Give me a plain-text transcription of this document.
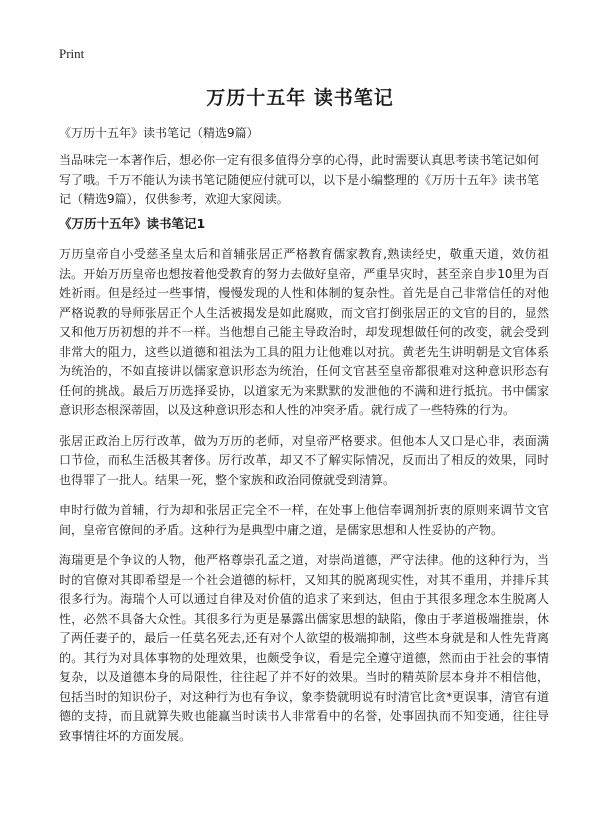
Print
万历十五年 读书笔记
《万历十五年》读书笔记（精选9篇）
当品味完一本著作后，想必你一定有很多值得分享的心得，此时需要认真思考读书笔记如何写了哦。千万不能认为读书笔记随便应付就可以，以下是小编整理的《万历十五年》读书笔记（精选9篇），仅供参考，欢迎大家阅读。
《万历十五年》读书笔记1

万历皇帝自小受慈圣皇太后和首辅张居正严格教育儒家教育,熟读经史，敬重天道，效仿祖法。开始万历皇帝也想按着他受教育的努力去做好皇帝，严重旱灾时，甚至亲自步10里为百姓祈雨。但是经过一些事情，慢慢发现的人性和体制的复杂性。首先是自己非常信任的对他严格说教的导师张居正个人生活被揭发是如此腐败，而文官打倒张居正的文官的目的，显然又和他万历初想的并不一样。当他想自己能主导政治时，却发现想做任何的改变，就会受到非常大的阻力，这些以道德和祖法为工具的阻力让他难以对抗。黄老先生讲明朝是文官体系为统治的，不如直接讲以儒家意识形态为统治，任何文官甚至皇帝都很难对这种意识形态有任何的挑战。最后万历选择妥协，以道家无为来默默的发泄他的不满和进行抵抗。书中儒家意识形态根深蒂固，以及这种意识形态和人性的冲突矛盾。就行成了一些特殊的行为。

张居正政治上厉行改革，做为万历的老师，对皇帝严格要求。但他本人又口是心非，表面满口节俭，而私生活极其奢侈。厉行改革，却又不了解实际情况，反而出了相反的效果，同时也得罪了一批人。结果一死，整个家族和政治同僚就受到清算。

申时行做为首辅，行为却和张居正完全不一样，在处事上他信奉调剂折衷的原则来调节文官间，皇帝官僚间的矛盾。这种行为是典型中庸之道，是儒家思想和人性妥协的产物。

海瑞更是个争议的人物，他严格尊崇孔孟之道，对崇尚道德，严守法律。他的这种行为，当时的官僚对其即希望是一个社会道德的标杆，又知其的脱离现实性，对其不重用，并排斥其很多行为。海瑞个人可以通过自律及对价值的追求了来到达，但由于其很多理念本生脱离人性，必然不具备大众性。其很多行为更是暴露出儒家思想的缺陷，像由于孝道极端推崇，休了两任妻子的，最后一任莫名死去,还有对个人欲望的极端抑制，这些本身就是和人性先背离的。其行为对具体事物的处理效果，也颇受争议，看是完全遵守道德，然而由于社会的事情复杂，以及道德本身的局限性，往往起了并不好的效果。当时的精英阶层本身并不相信他，包括当时的知识份子，对这种行为也有争议，象李贽就明说有时清官比贪*更误事，清官有道德的支持，而且就算失败也能赢当时读书人非常看中的名誉，处事固执而不知变通，往往导致事情往坏的方面发展。
